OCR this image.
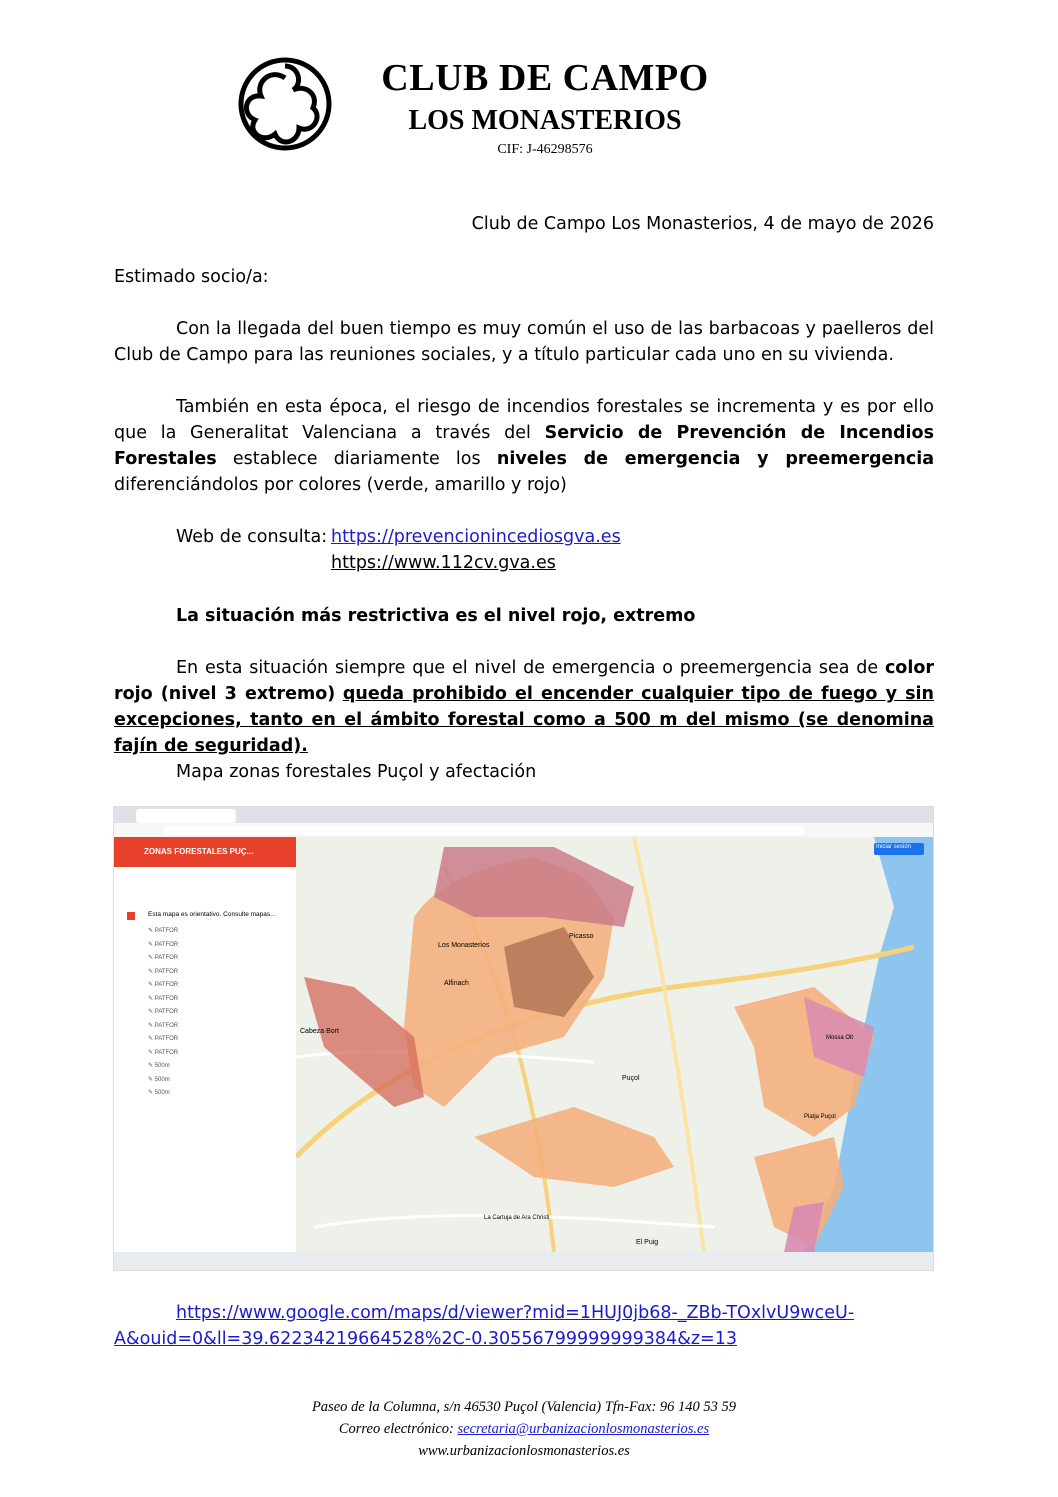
CLUB DE CAMPO
LOS MONASTERIOS
CIF: J-46298576
Club de Campo Los Monasterios, 4 de mayo de 2026
Estimado socio/a:
Con la llegada del buen tiempo es muy común el uso de las barbacoas y paelleros del Club de Campo para las reuniones sociales, y a título particular cada uno en su vivienda.
También en esta época, el riesgo de incendios forestales se incrementa y es por ello que la Generalitat Valenciana a través del Servicio de Prevención de Incendios Forestales establece diariamente los niveles de emergencia y preemergencia diferenciándolos por colores (verde, amarillo y rojo)
Web de consulta: https://prevencionincediosgva.es
https://www.112cv.gva.es
La situación más restrictiva es el nivel rojo, extremo
En esta situación siempre que el nivel de emergencia o preemergencia sea de color rojo (nivel 3 extremo) queda prohibido el encender cualquier tipo de fuego y sin excepciones, tanto en el ámbito forestal como a 500 m del mismo (se denomina fajín de seguridad).
Mapa zonas forestales Puçol y afectación
ZONAS FORESTALES PUÇ...
Esta mapa es orientativo. Consulte mapas...
✎ PATFOR
✎ PATFOR
✎ PATFOR
✎ PATFOR
✎ PATFOR
✎ PATFOR
✎ PATFOR
✎ PATFOR
✎ PATFOR
✎ PATFOR
✎ 500m
✎ 500m
✎ 500m
Iniciar sesión
Los Monasterios
Alfinach
Puçol
Picasso
El Puig
Cabeza Bort
La Cartuja de Ara Christi
Platja Puçol
Mossa Olt
https://www.google.com/maps/d/viewer?mid=1HUJ0jb68-_ZBb-TOxlvU9wceU-
A&ouid=0&ll=39.62234219664528%2C-0.30556799999999384&z=13
Paseo de la Columna, s/n 46530 Puçol (Valencia) Tfn-Fax: 96 140 53 59
Correo electrónico: secretaria@urbanizacionlosmonasterios.es
www.urbanizacionlosmonasterios.es
